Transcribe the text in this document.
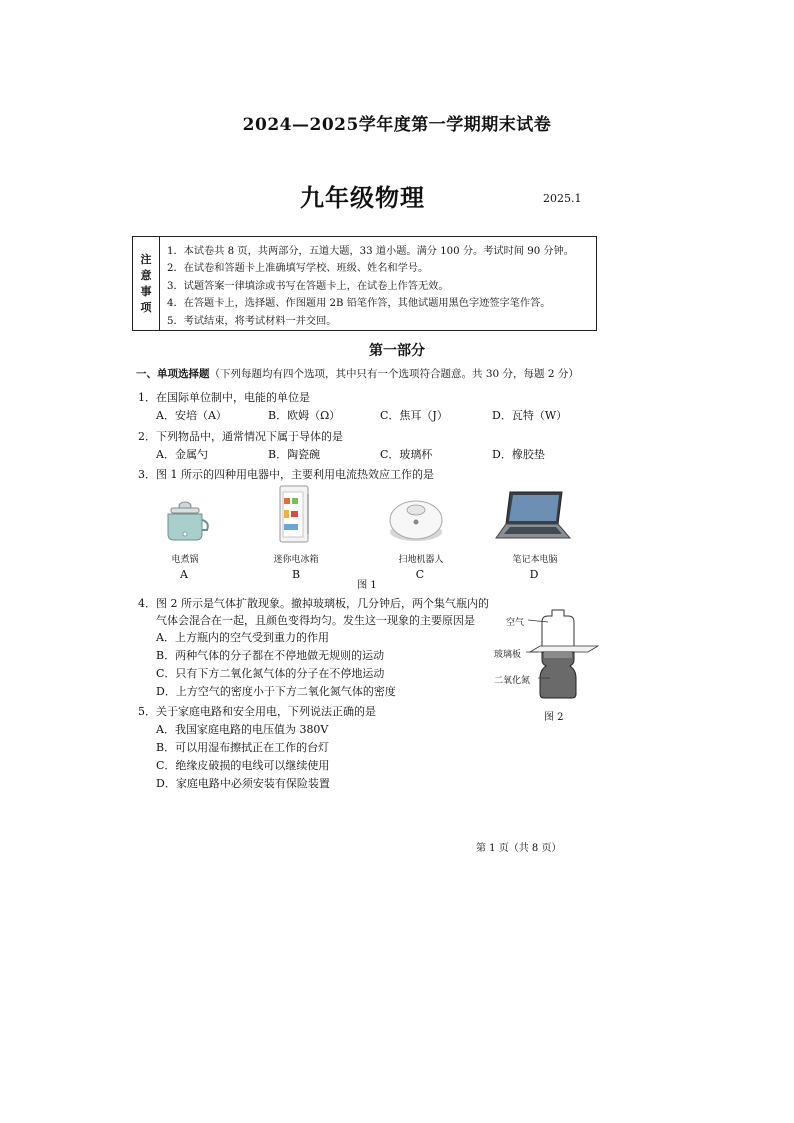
2024—2025学年度第一学期期末试卷
九年级物理	2025.1
注
意
事
项
1．本试卷共 8 页，共两部分，五道大题，33 道小题。满分 100 分。考试时间 90 分钟。
2．在试卷和答题卡上准确填写学校、班级、姓名和学号。
3．试题答案一律填涂或书写在答题卡上，在试卷上作答无效。
4．在答题卡上，选择题、作图题用 2B 铅笔作答，其他试题用黑色字迹签字笔作答。
5．考试结束，将考试材料一并交回。
第一部分
一、单项选择题（下列每题均有四个选项，其中只有一个选项符合题意。共 30 分，每题 2 分）
1．在国际单位制中，电能的单位是
A．安培（A）	B．欧姆（Ω）	C．焦耳（J）	D．瓦特（W）
2．下列物品中，通常情况下属于导体的是
A．金属勺	B．陶瓷碗	C．玻璃杯	D．橡胶垫
3．图 1 所示的四种用电器中，主要利用电流热效应工作的是
电煮锅	迷你电冰箱	扫地机器人	笔记本电脑
A	B	C	D
图 1
4．图 2 所示是气体扩散现象。撤掉玻璃板，几分钟后，两个集气瓶内的
气体会混合在一起，且颜色变得均匀。发生这一现象的主要原因是
A．上方瓶内的空气受到重力的作用
B．两种气体的分子都在不停地做无规则的运动
C．只有下方二氧化氮气体的分子在不停地运动
D．上方空气的密度小于下方二氧化氮气体的密度
空气
玻璃板
二氧化氮
图 2
5．关于家庭电路和安全用电，下列说法正确的是
A．我国家庭电路的电压值为 380V
B．可以用湿布擦拭正在工作的台灯
C．绝缘皮破损的电线可以继续使用
D．家庭电路中必须安装有保险装置
第 1 页（共 8 页）
